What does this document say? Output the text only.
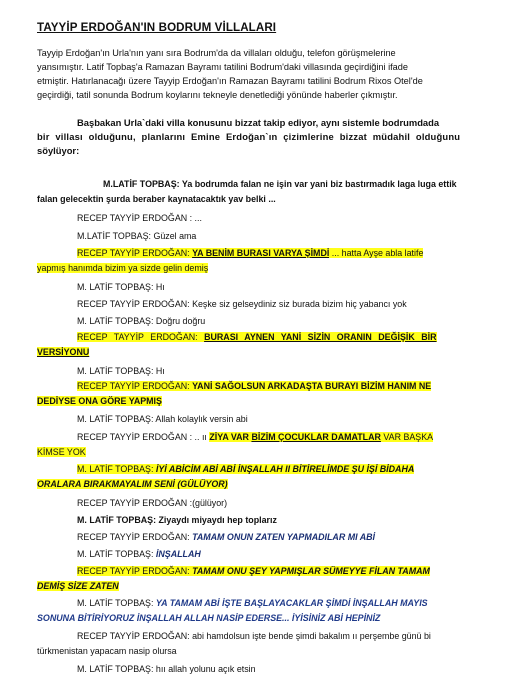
TAYYİP ERDOĞAN'IN BODRUM VİLLALARI
Tayyip Erdoğan'ın Urla'nın yanı sıra Bodrum'da da villaları olduğu, telefon görüşmelerine
yansımıştır. Latif Topbaş'a Ramazan Bayramı tatilini Bodrum'daki villasında geçirdiğini ifade
etmiştir. Hatırlanacağı üzere Tayyip Erdoğan'ın Ramazan Bayramı tatilini Bodrum Rixos Otel'de
geçirdiği, tatil sonunda Bodrum koylarını tekneyle denetlediği yönünde haberler çıkmıştır.
Başbakan Urla`daki villa konusunu bizzat takip ediyor, aynı sistemle bodrumdada
bir villası olduğunu, planlarını Emine Erdoğan`ın çizimlerine bizzat müdahil olduğunu
söylüyor:
M.LATİF TOPBAŞ: Ya bodrumda falan ne işin var yani biz bastırmadık laga luga ettik
falan gelecektin şurda beraber kaynatacaktık yav belki ...
RECEP TAYYİP ERDOĞAN : ...
M.LATİF TOPBAŞ: Güzel ama
RECEP TAYYİP ERDOĞAN: YA BENİM BURASI VARYA ŞİMDİ ... hatta Ayşe abla latife
yapmış hanımda bizim ya sizde gelin demiş
M. LATİF TOPBAŞ: Hı
RECEP TAYYİP ERDOĞAN: Keşke siz gelseydiniz siz burada bizim hiç yabancı yok
M. LATİF TOPBAŞ: Doğru doğru
RECEP TAYYİP ERDOĞAN: BURASI AYNEN YANİ SİZİN ORANIN DEĞİŞİK BİR
VERSİYONU
M. LATİF TOPBAŞ: Hı
RECEP TAYYİP ERDOĞAN: YANİ SAĞOLSUN ARKADAŞTA BURAYI BİZİM HANIM NE
DEDİYSE ONA GÖRE YAPMIŞ
M. LATİF TOPBAŞ: Allah kolaylık versin abi
RECEP TAYYİP ERDOĞAN : .. ıı ZİYA VAR BİZİM ÇOCUKLAR DAMATLAR VAR BAŞKA
KİMSE YOK
M. LATİF TOPBAŞ: İYİ ABİCİM ABİ ABİ İNŞALLAH II BİTİRELİMDE ŞU İŞİ BİDAHA
ORALARA BIRAKMAYALIM SENİ (GÜLÜYOR)
RECEP TAYYİP ERDOĞAN :(gülüyor)
M. LATİF TOPBAŞ: Ziyaydı miyaydı hep toplarız
RECEP TAYYİP ERDOĞAN: TAMAM ONUN ZATEN YAPMADILAR MI ABİ
M. LATİF TOPBAŞ: İNŞALLAH
RECEP TAYYİP ERDOĞAN: TAMAM ONU ŞEY YAPMIŞLAR SÜMEYYE FİLAN TAMAM
DEMİŞ SİZE ZATEN
M. LATİF TOPBAŞ: YA TAMAM ABİ İŞTE BAŞLAYACAKLAR ŞİMDİ İNŞALLAH MAYIS
SONUNA BİTİRİYORUZ İNŞALLAH ALLAH NASİP EDERSE... İYİSİNİZ ABİ HEPİNİZ
RECEP TAYYİP ERDOĞAN: abi hamdolsun işte bende şimdi bakalım ıı perşembe günü bi
türkmenistan yapacam nasip olursa
M. LATİF TOPBAŞ: hıı allah yolunu açık etsin
